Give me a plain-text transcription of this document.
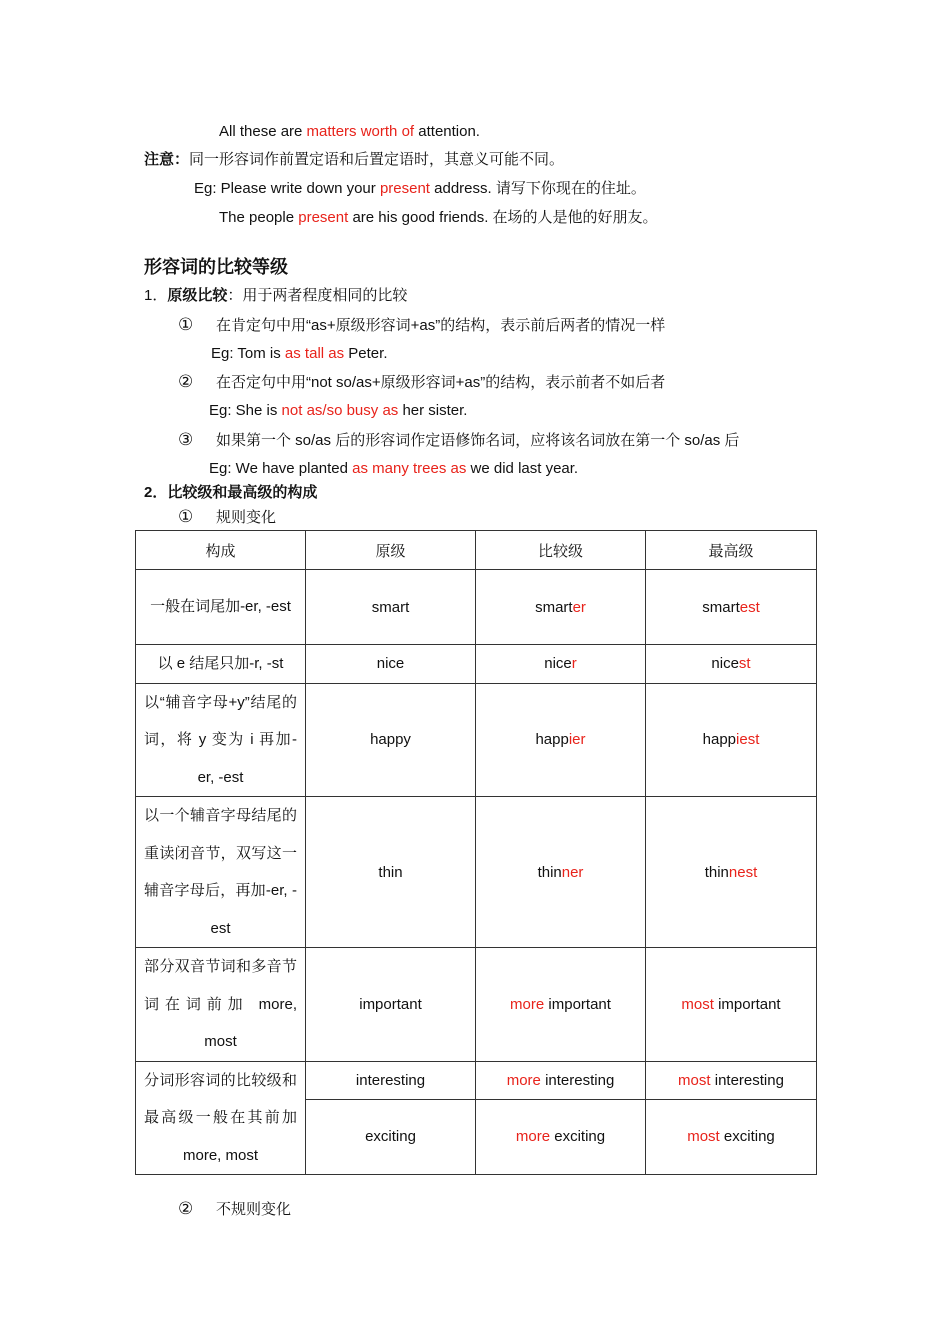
All these are matters worth of attention.
注意：同一形容词作前置定语和后置定语时，其意义可能不同。
Eg: Please write down your present address. 请写下你现在的住址。
The people present are his good friends. 在场的人是他的好朋友。
形容词的比较等级
1．原级比较：用于两者程度相同的比较
① 在肯定句中用“as+原级形容词+as”的结构，表示前后两者的情况一样
Eg: Tom is as tall as Peter.
② 在否定句中用“not so/as+原级形容词+as”的结构，表示前者不如后者
Eg: She is not as/so busy as her sister.
③ 如果第一个 so/as 后的形容词作定语修饰名词，应将该名词放在第一个 so/as 后
Eg: We have planted as many trees as we did last year.
2．比较级和最高级的构成
① 规则变化
构成	原级	比较级	最高级
一般在词尾加-er, -est	smart	smarter	smartest
以 e 结尾只加-r, -st	nice	nicer	nicest
以“辅音字母+y”结尾的词，将 y 变为 i 再加-er, -est	happy	happier	happiest
以一个辅音字母结尾的重读闭音节，双写这一辅音字母后，再加-er, -est	thin	thinner	thinnest
部分双音节词和多音节词在词前加 more, most	important	more important	most important
分词形容词的比较级和最高级一般在其前加 more, most	interesting	more interesting	most interesting
	exciting	more exciting	most exciting
② 不规则变化
